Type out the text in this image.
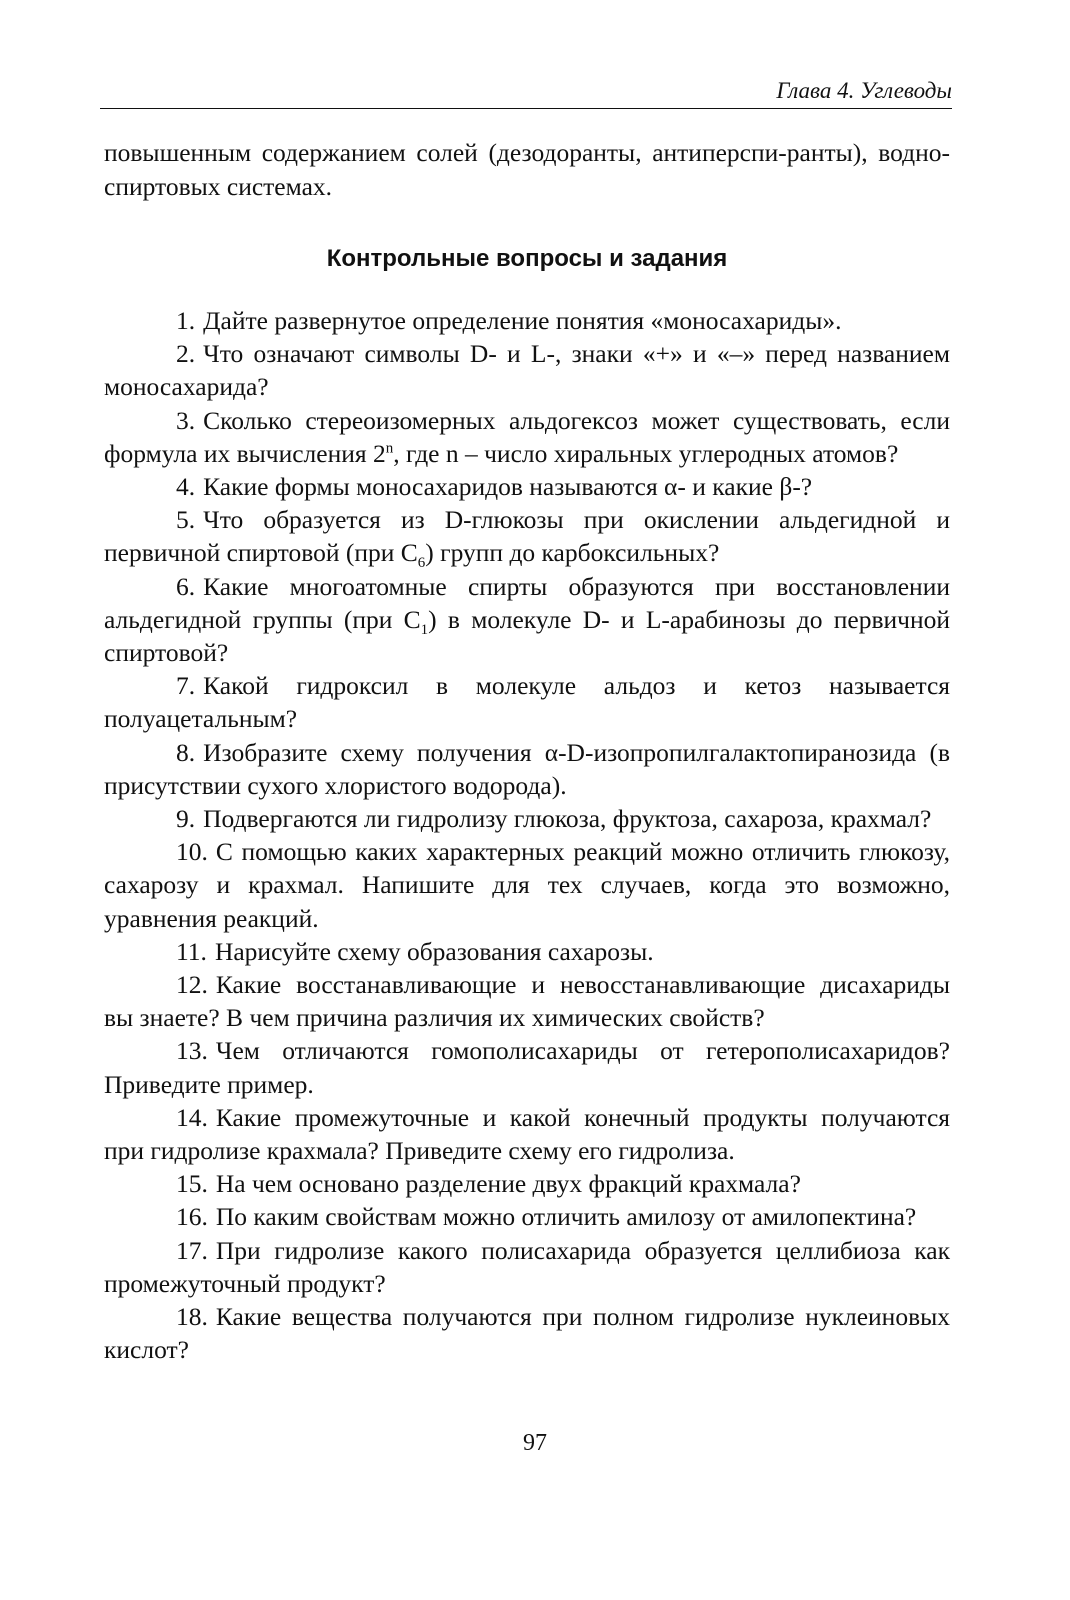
Глава 4. Углеводы
повышенным содержанием солей (дезодоранты, антиперспи-ранты), водно-спиртовых системах.
Контрольные вопросы и задания
1. Дайте развернутое определение понятия «моносахариды».
2. Что означают символы D- и L-, знаки «+» и «–» перед названием моносахарида?
3. Сколько стереоизомерных альдогексоз может существовать, если формула их вычисления 2$^n$, где n – число хиральных углеродных атомов?
4. Какие формы моносахаридов называются α- и какие β-?
5. Что образуется из D-глюкозы при окислении альдегидной и первичной спиртовой (при $C_6$) групп до карбоксильных?
6. Какие многоатомные спирты образуются при восстановлении альдегидной группы (при $C_1$) в молекуле D- и L-арабинозы до первичной спиртовой?
7. Какой гидроксил в молекуле альдоз и кетоз называется полуацетальным?
8. Изобразите схему получения α-D-изопропилгалактопиранозида (в присутствии сухого хлористого водорода).
9. Подвергаются ли гидролизу глюкоза, фруктоза, сахароза, крахмал?
10. С помощью каких характерных реакций можно отличить глюкозу, сахарозу и крахмал. Напишите для тех случаев, когда это возможно, уравнения реакций.
11. Нарисуйте схему образования сахарозы.
12. Какие восстанавливающие и невосстанавливающие дисахариды вы знаете? В чем причина различия их химических свойств?
13. Чем отличаются гомополисахариды от гетерополисахаридов? Приведите пример.
14. Какие промежуточные и какой конечный продукты получаются при гидролизе крахмала? Приведите схему его гидролиза.
15. На чем основано разделение двух фракций крахмала?
16. По каким свойствам можно отличить амилозу от амилопектина?
17. При гидролизе какого полисахарида образуется целлибиоза как промежуточный продукт?
18. Какие вещества получаются при полном гидролизе нуклеиновых кислот?
97
